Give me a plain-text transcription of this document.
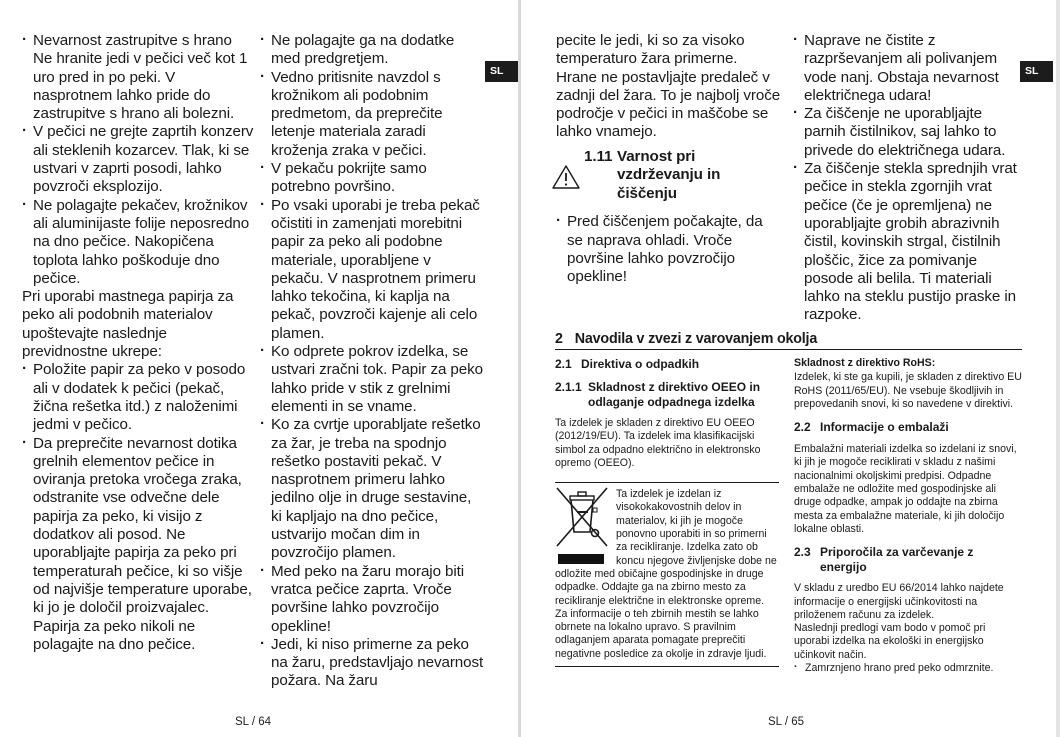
· Nevarnost zastrupitve s hrano Ne hranite jedi v pečici več kot 1 uro pred in po peki. V nasprotnem lahko pride do zastrupitve s hrano ali bolezni.
· V pečici ne grejte zaprtih konzerv ali steklenih kozarcev. Tlak, ki se ustvari v zaprti posodi, lahko povzroči eksplozijo.
· Ne polagajte pekačev, krožnikov ali aluminijaste folije neposredno na dno pečice. Nakopičena toplota lahko poškoduje dno pečice.

Pri uporabi mastnega papirja za peko ali podobnih materialov upoštevajte naslednje previdnostne ukrepe:

· Položite papir za peko v posodo ali v dodatek k pečici (pekač, žična rešetka itd.) z naloženimi jedmi v pečico.
· Da preprečite nevarnost dotika grelnih elementov pečice in oviranja pretoka vročega zraka, odstranite vse odvečne dele papirja za peko, ki visijo z dodatkov ali posod. Ne uporabljajte papirja za peko pri temperaturah pečice, ki so višje od najvišje temperature uporabe, ki jo je določil proizvajalec. Papirja za peko nikoli ne polagajte na dno pečice.
· Ne polagajte ga na dodatke med predgretjem.
· Vedno pritisnite navzdol s krožnikom ali podobnim predmetom, da preprečite letenje materiala zaradi kroženja zraka v pečici.
· V pekaču pokrijte samo potrebno površino.
· Po vsaki uporabi je treba pekač očistiti in zamenjati morebitni papir za peko ali podobne materiale, uporabljene v pekaču. V nasprotnem primeru lahko tekočina, ki kaplja na pekač, povzroči kajenje ali celo plamen.
· Ko odprete pokrov izdelka, se ustvari zračni tok. Papir za peko lahko pride v stik z grelnimi elementi in se vname.
· Ko za cvrtje uporabljate rešetko za žar, je treba na spodnjo rešetko postaviti pekač. V nasprotnem primeru lahko jedilno olje in druge sestavine, ki kapljajo na dno pečice, ustvarijo močan dim in povzročijo plamen.
· Med peko na žaru morajo biti vratca pečice zaprta. Vroče površine lahko povzročijo opekline!
· Jedi, ki niso primerne za peko na žaru, predstavljajo nevarnost požara. Na žaru
SL
SL / 64

pecite le jedi, ki so za visoko temperaturo žara primerne. Hrane ne postavljajte predaleč v zadnji del žara. To je najbolj vroče področje v pečici in maščobe se lahko vnamejo.

1.11 Varnost pri vzdrževanju in čiščenju
· Pred čiščenjem počakajte, da se naprava ohladi. Vroče površine lahko povzročijo opekline!
· Naprave ne čistite z razprševanjem ali polivanjem vode nanj. Obstaja nevarnost električnega udara!
· Za čiščenje ne uporabljajte parnih čistilnikov, saj lahko to privede do električnega udara.
· Za čiščenje stekla sprednjih vrat pečice in stekla zgornjih vrat pečice (če je opremljena) ne uporabljajte grobih abrazivnih čistil, kovinskih strgal, čistilnih ploščic, žice za pomivanje posode ali belila. Ti materiali lahko na steklu pustijo praske in razpoke.
2 Navodila v zvezi z varovanjem okolja
2.1 Direktiva o odpadkih
2.1.1 Skladnost z direktivo OEEO in
odlaganje odpadnega izdelka

Ta izdelek je skladen z direktivo EU OEEO (2012/19/EU). Ta izdelek ima klasifikacijski simbol za odpadno električno in elektronsko opremo (OEEO).

Ta izdelek je izdelan iz visokokakovostnih delov in materialov, ki jih je mogoče ponovno uporabiti in so primerni za recikliranje. Izdelka zato ob koncu njegove življenjske dobe ne odložite med običajne gospodinjske in druge odpadke. Oddajte ga na zbirno mesto za recikliranje električne in elektronske opreme. Za informacije o teh zbirnih mestih se lahko obrnete na lokalno upravo. S pravilnim odlaganjem aparata pomagate preprečiti negativne posledice za okolje in zdravje ljudi.

Skladnost z direktivo RoHS:

Izdelek, ki ste ga kupili, je skladen z direktivo EU RoHS (2011/65/EU). Ne vsebuje škodljivih in prepovedanih snovi, ki so navedene v direktivi.

2.2 Informacije o embalaži

Embalažni materiali izdelka so izdelani iz snovi, ki jih je mogoče reciklirati v skladu z našimi nacionalnimi okoljskimi predpisi. Odpadne embalaže ne odložite med gospodinjske ali druge odpadke, ampak jo oddajte na zbirna mesta za embalažne materiale, ki jih določijo lokalne oblasti.

2.3 Priporočila za varčevanje z
energijo

V skladu z uredbo EU 66/2014 lahko najdete informacije o energijski učinkovitosti na priloženem računu za izdelek.

Naslednji predlogi vam bodo v pomoč pri uporabi izdelka na ekološki in energijsko učinkovit način.

· Zamrznjeno hrano pred peko odmrznite.
SL
SL / 65
